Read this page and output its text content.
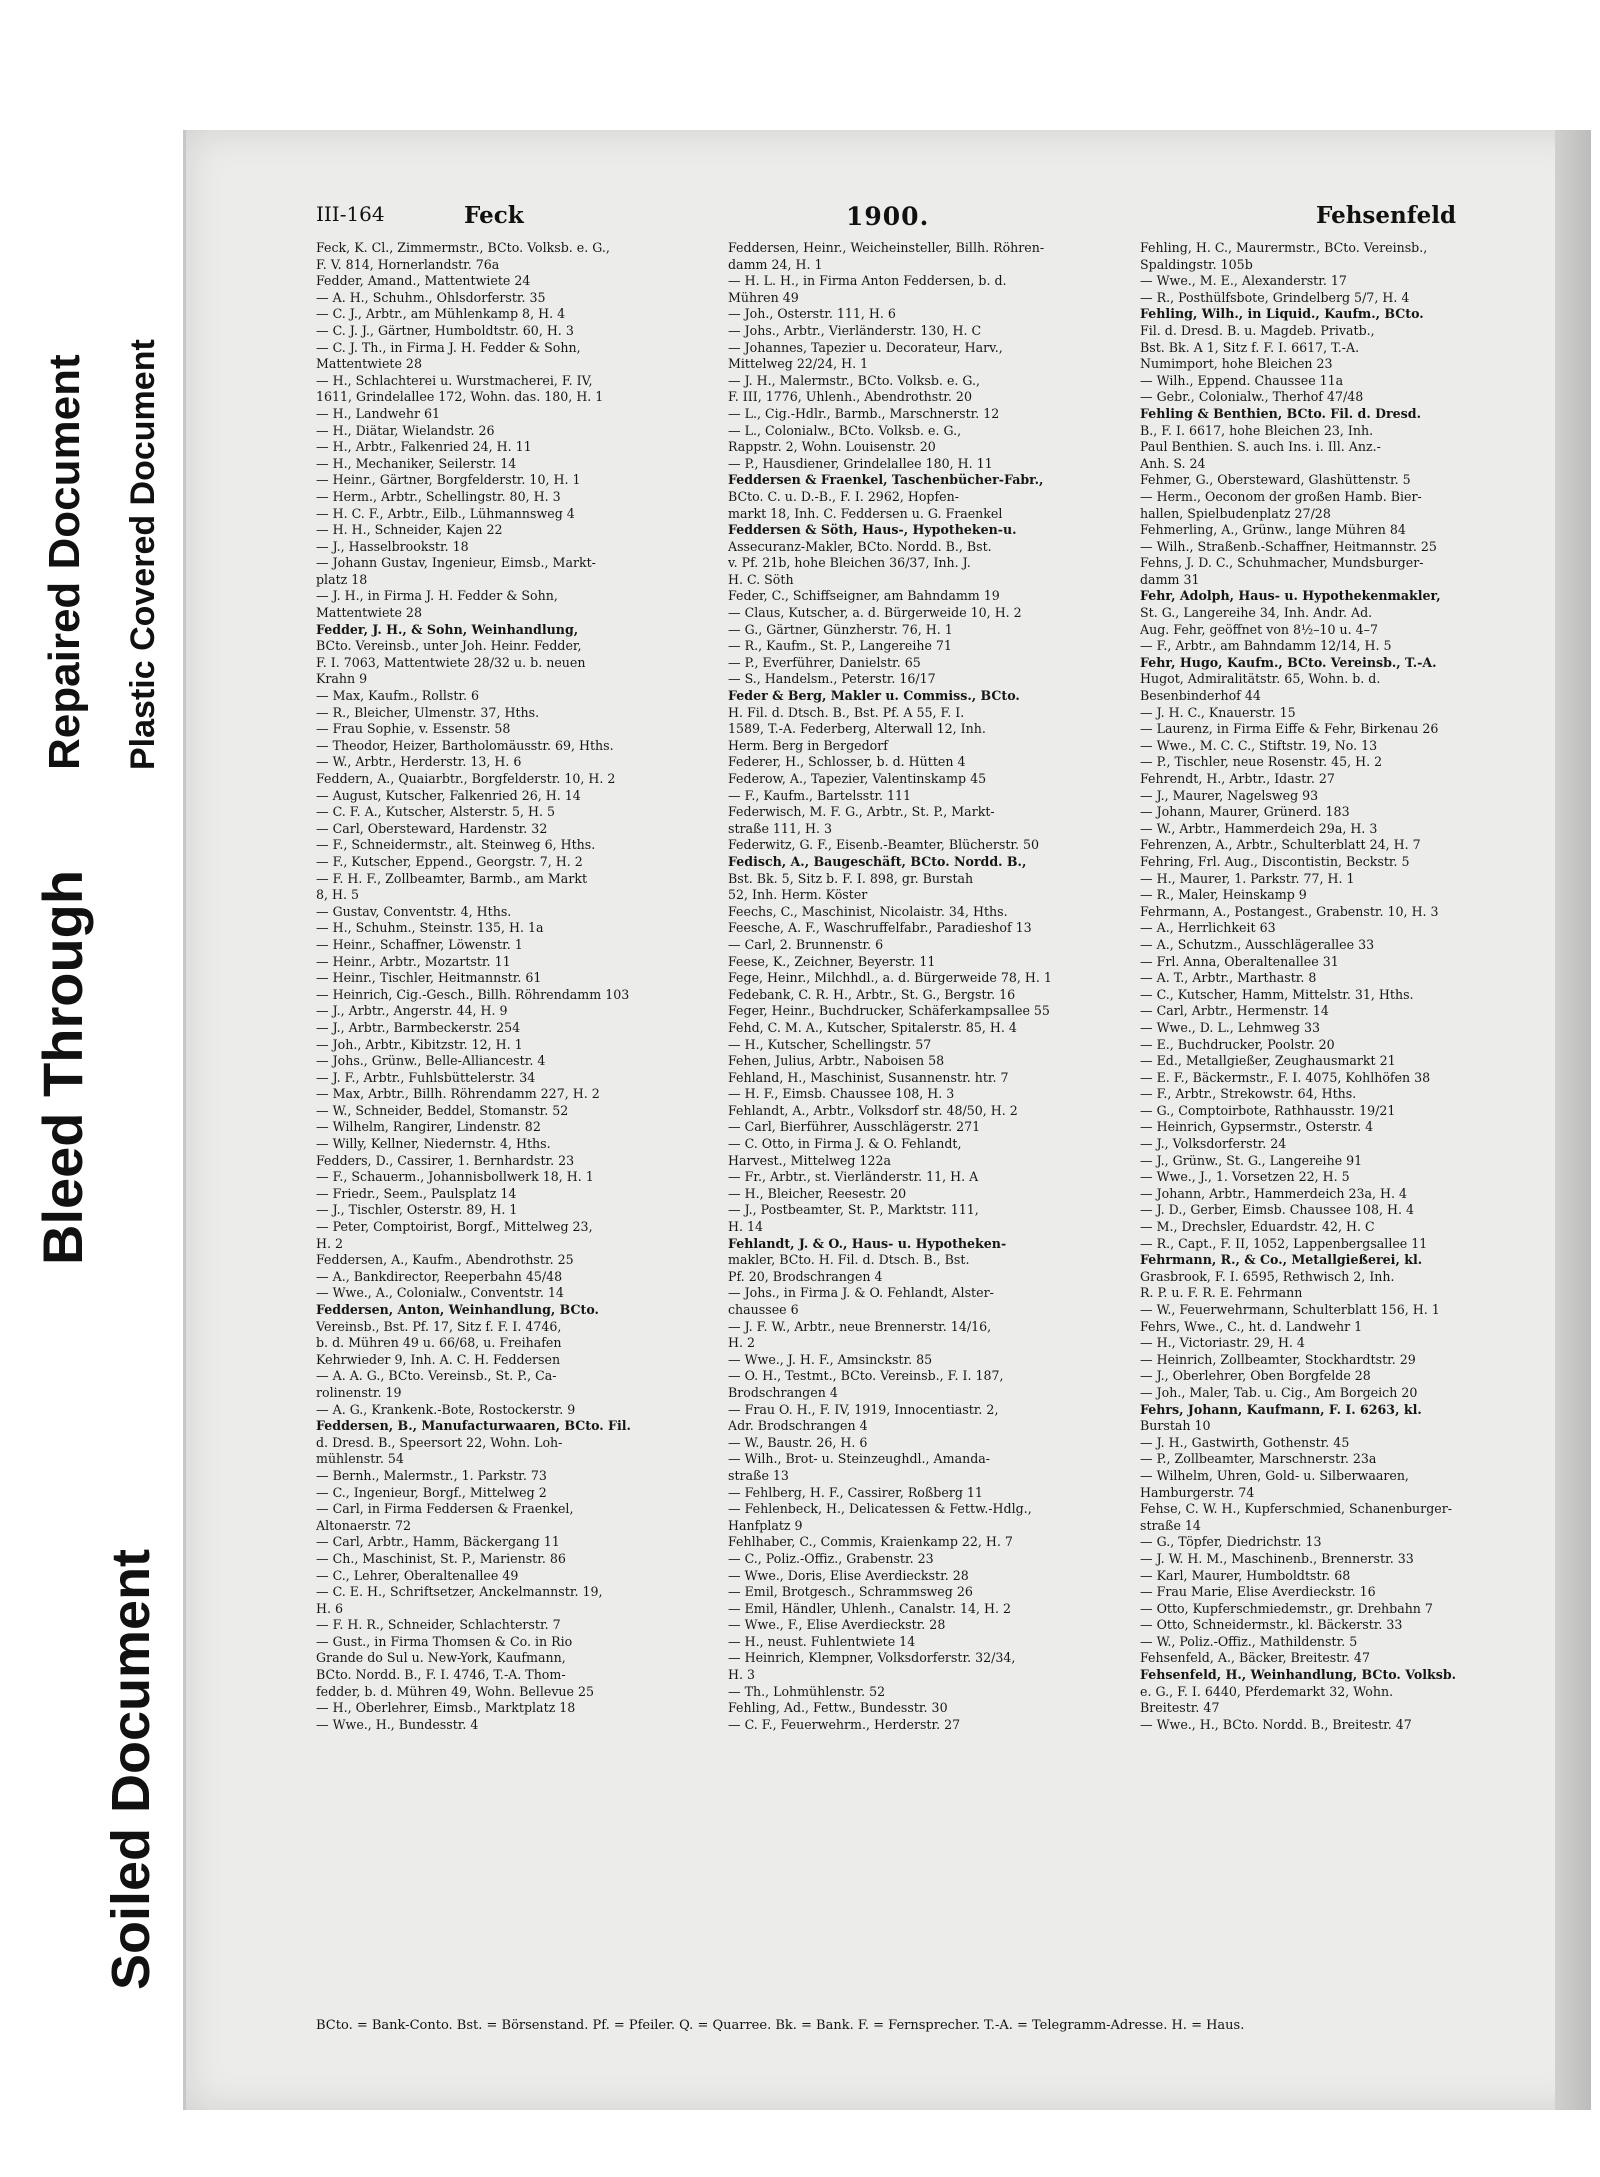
Bleed Through
Soiled Document
Repaired Document Plastic Covered Document
III-164	Feck	1900.	Fehsenfeld
Feck, K. Cl., Zimmermstr., BCto. Volksb. e. G.,
F. V. 814, Hornerlandstr. 76a
Fedder, Amand., Mattentwiete 24
— A. H., Schuhm., Ohlsdorferstr. 35
— C. J., Arbtr., am Mühlenkamp 8, H. 4
— C. J. J., Gärtner, Humboldtstr. 60, H. 3
— C. J. Th., in Firma J. H. Fedder & Sohn,
Mattentwiete 28
— H., Schlachterei u. Wurstmacherei, F. IV,
1611, Grindelallee 172, Wohn. das. 180, H. 1
— H., Landwehr 61
— H., Diätar, Wielandstr. 26
— H., Arbtr., Falkenried 24, H. 11
— H., Mechaniker, Seilerstr. 14
— Heinr., Gärtner, Borgfelderstr. 10, H. 1
— Herm., Arbtr., Schellingstr. 80, H. 3
— H. C. F., Arbtr., Eilb., Lühmannsweg 4
— H. H., Schneider, Kajen 22
— J., Hasselbrookstr. 18
— Johann Gustav, Ingenieur, Eimsb., Markt-
platz 18
— J. H., in Firma J. H. Fedder & Sohn,
Mattentwiete 28
Fedder, J. H., & Sohn, Weinhandlung,
BCto. Vereinsb., unter Joh. Heinr. Fedder,
F. I. 7063, Mattentwiete 28/32 u. b. neuen
Krahn 9
— Max, Kaufm., Rollstr. 6
— R., Bleicher, Ulmenstr. 37, Hths.
— Frau Sophie, v. Essenstr. 58
— Theodor, Heizer, Bartholomäusstr. 69, Hths.
— W., Arbtr., Herderstr. 13, H. 6
Feddern, A., Quaiarbtr., Borgfelderstr. 10, H. 2
— August, Kutscher, Falkenried 26, H. 14
— C. F. A., Kutscher, Alsterstr. 5, H. 5
— Carl, Obersteward, Hardenstr. 32
— F., Schneidermstr., alt. Steinweg 6, Hths.
— F., Kutscher, Eppend., Georgstr. 7, H. 2
— F. H. F., Zollbeamter, Barmb., am Markt
8, H. 5
— Gustav, Conventstr. 4, Hths.
— H., Schuhm., Steinstr. 135, H. 1a
— Heinr., Schaffner, Löwenstr. 1
— Heinr., Arbtr., Mozartstr. 11
— Heinr., Tischler, Heitmannstr. 61
— Heinrich, Cig.-Gesch., Billh. Röhrendamm 103
— J., Arbtr., Angerstr. 44, H. 9
— J., Arbtr., Barmbeckerstr. 254
— Joh., Arbtr., Kibitzstr. 12, H. 1
— Johs., Grünw., Belle-Alliancestr. 4
— J. F., Arbtr., Fuhlsbüttelerstr. 34
— Max, Arbtr., Billh. Röhrendamm 227, H. 2
— W., Schneider, Beddel, Stomanstr. 52
— Wilhelm, Rangirer, Lindenstr. 82
— Willy, Kellner, Niedernstr. 4, Hths.
Fedders, D., Cassirer, 1. Bernhardstr. 23
— F., Schauerm., Johannisbollwerk 18, H. 1
— Friedr., Seem., Paulsplatz 14
— J., Tischler, Osterstr. 89, H. 1
— Peter, Comptoirist, Borgf., Mittelweg 23,
H. 2
Feddersen, A., Kaufm., Abendrothstr. 25
— A., Bankdirector, Reeperbahn 45/48
— Wwe., A., Colonialw., Conventstr. 14
Feddersen, Anton, Weinhandlung, BCto.
Vereinsb., Bst. Pf. 17, Sitz f. F. I. 4746,
b. d. Mühren 49 u. 66/68, u. Freihafen
Kehrwieder 9, Inh. A. C. H. Feddersen
— A. A. G., BCto. Vereinsb., St. P., Ca-
rolinenstr. 19
— A. G., Krankenk.-Bote, Rostockerstr. 9
Feddersen, B., Manufacturwaaren, BCto. Fil.
d. Dresd. B., Speersort 22, Wohn. Loh-
mühlenstr. 54
— Bernh., Malermstr., 1. Parkstr. 73
— C., Ingenieur, Borgf., Mittelweg 2
— Carl, in Firma Feddersen & Fraenkel,
Altonaerstr. 72
— Carl, Arbtr., Hamm, Bäckergang 11
— Ch., Maschinist, St. P., Marienstr. 86
— C., Lehrer, Oberaltenallee 49
— C. E. H., Schriftsetzer, Anckelmannstr. 19,
H. 6
— F. H. R., Schneider, Schlachterstr. 7
— Gust., in Firma Thomsen & Co. in Rio
Grande do Sul u. New-York, Kaufmann,
BCto. Nordd. B., F. I. 4746, T.-A. Thom-
fedder, b. d. Mühren 49, Wohn. Bellevue 25
— H., Oberlehrer, Eimsb., Marktplatz 18
— Wwe., H., Bundesstr. 4
Feddersen, Heinr., Weicheinsteller, Billh. Röhren-
damm 24, H. 1
— H. L. H., in Firma Anton Feddersen, b. d.
Mühren 49
— Joh., Osterstr. 111, H. 6
— Johs., Arbtr., Vierländerstr. 130, H. C
— Johannes, Tapezier u. Decorateur, Harv.,
Mittelweg 22/24, H. 1
— J. H., Malermstr., BCto. Volksb. e. G.,
F. III, 1776, Uhlenh., Abendrothstr. 20
— L., Cig.-Hdlr., Barmb., Marschnerstr. 12
— L., Colonialw., BCto. Volksb. e. G.,
Rappstr. 2, Wohn. Louisenstr. 20
— P., Hausdiener, Grindelallee 180, H. 11
Feddersen & Fraenkel, Taschenbücher-Fabr.,
BCto. C. u. D.-B., F. I. 2962, Hopfen-
markt 18, Inh. C. Feddersen u. G. Fraenkel
Feddersen & Söth, Haus-, Hypotheken-u.
Assecuranz-Makler, BCto. Nordd. B., Bst.
v. Pf. 21b, hohe Bleichen 36/37, Inh. J.
H. C. Söth
Feder, C., Schiffseigner, am Bahndamm 19
— Claus, Kutscher, a. d. Bürgerweide 10, H. 2
— G., Gärtner, Günzherstr. 76, H. 1
— R., Kaufm., St. P., Langereihe 71
— P., Everführer, Danielstr. 65
— S., Handelsm., Peterstr. 16/17
Feder & Berg, Makler u. Commiss., BCto.
H. Fil. d. Dtsch. B., Bst. Pf. A 55, F. I.
1589, T.-A. Federberg, Alterwall 12, Inh.
Herm. Berg in Bergedorf
Federer, H., Schlosser, b. d. Hütten 4
Federow, A., Tapezier, Valentinskamp 45
— F., Kaufm., Bartelsstr. 111
Federwisch, M. F. G., Arbtr., St. P., Markt-
straße 111, H. 3
Federwitz, G. F., Eisenb.-Beamter, Blücherstr. 50
Fedisch, A., Baugeschäft, BCto. Nordd. B.,
Bst. Bk. 5, Sitz b. F. I. 898, gr. Burstah
52, Inh. Herm. Köster
Feechs, C., Maschinist, Nicolaistr. 34, Hths.
Feesche, A. F., Waschruffelfabr., Paradieshof 13
— Carl, 2. Brunnenstr. 6
Feese, K., Zeichner, Beyerstr. 11
Fege, Heinr., Milchhdl., a. d. Bürgerweide 78, H. 1
Fedebank, C. R. H., Arbtr., St. G., Bergstr. 16
Feger, Heinr., Buchdrucker, Schäferkampsallee 55
Fehd, C. M. A., Kutscher, Spitalerstr. 85, H. 4
— H., Kutscher, Schellingstr. 57
Fehen, Julius, Arbtr., Naboisen 58
Fehland, H., Maschinist, Susannenstr. htr. 7
— H. F., Eimsb. Chaussee 108, H. 3
Fehlandt, A., Arbtr., Volksdorf str. 48/50, H. 2
— Carl, Bierführer, Ausschlägerstr. 271
— C. Otto, in Firma J. & O. Fehlandt,
Harvest., Mittelweg 122a
— Fr., Arbtr., st. Vierländerstr. 11, H. A
— H., Bleicher, Reesestr. 20
— J., Postbeamter, St. P., Marktstr. 111,
H. 14
Fehlandt, J. & O., Haus- u. Hypotheken-
makler, BCto. H. Fil. d. Dtsch. B., Bst.
Pf. 20, Brodschrangen 4
— Johs., in Firma J. & O. Fehlandt, Alster-
chaussee 6
— J. F. W., Arbtr., neue Brennerstr. 14/16,
H. 2
— Wwe., J. H. F., Amsinckstr. 85
— O. H., Testmt., BCto. Vereinsb., F. I. 187,
Brodschrangen 4
— Frau O. H., F. IV, 1919, Innocentiastr. 2,
Adr. Brodschrangen 4
— W., Baustr. 26, H. 6
— Wilh., Brot- u. Steinzeughdl., Amanda-
straße 13
— Fehlberg, H. F., Cassirer, Roßberg 11
— Fehlenbeck, H., Delicatessen & Fettw.-Hdlg.,
Hanfplatz 9
Fehlhaber, C., Commis, Kraienkamp 22, H. 7
— C., Poliz.-Offiz., Grabenstr. 23
— Wwe., Doris, Elise Averdieckstr. 28
— Emil, Brotgesch., Schrammsweg 26
— Emil, Händler, Uhlenh., Canalstr. 14, H. 2
— Wwe., F., Elise Averdieckstr. 28
— H., neust. Fuhlentwiete 14
— Heinrich, Klempner, Volksdorferstr. 32/34,
H. 3
— Th., Lohmühlenstr. 52
Fehling, Ad., Fettw., Bundesstr. 30
— C. F., Feuerwehrm., Herderstr. 27
Fehling, H. C., Maurermstr., BCto. Vereinsb.,
Spaldingstr. 105b
— Wwe., M. E., Alexanderstr. 17
— R., Posthülfsbote, Grindelberg 5/7, H. 4
Fehling, Wilh., in Liquid., Kaufm., BCto.
Fil. d. Dresd. B. u. Magdeb. Privatb.,
Bst. Bk. A 1, Sitz f. F. I. 6617, T.-A.
Numimport, hohe Bleichen 23
— Wilh., Eppend. Chaussee 11a
— Gebr., Colonialw., Therhof 47/48
Fehling & Benthien, BCto. Fil. d. Dresd.
B., F. I. 6617, hohe Bleichen 23, Inh.
Paul Benthien. S. auch Ins. i. Ill. Anz.-
Anh. S. 24
Fehmer, G., Obersteward, Glashüttenstr. 5
— Herm., Oeconom der großen Hamb. Bier-
hallen, Spielbudenplatz 27/28
Fehmerling, A., Grünw., lange Mühren 84
— Wilh., Straßenb.-Schaffner, Heitmannstr. 25
Fehns, J. D. C., Schuhmacher, Mundsburger-
damm 31
Fehr, Adolph, Haus- u. Hypothekenmakler,
St. G., Langereihe 34, Inh. Andr. Ad.
Aug. Fehr, geöffnet von 8½–10 u. 4–7
— F., Arbtr., am Bahndamm 12/14, H. 5
Fehr, Hugo, Kaufm., BCto. Vereinsb., T.-A.
Hugot, Admiralitätstr. 65, Wohn. b. d.
Besenbinderhof 44
— J. H. C., Knauerstr. 15
— Laurenz, in Firma Eiffe & Fehr, Birkenau 26
— Wwe., M. C. C., Stiftstr. 19, No. 13
— P., Tischler, neue Rosenstr. 45, H. 2
Fehrendt, H., Arbtr., Idastr. 27
— J., Maurer, Nagelsweg 93
— Johann, Maurer, Grünerd. 183
— W., Arbtr., Hammerdeich 29a, H. 3
Fehrenzen, A., Arbtr., Schulterblatt 24, H. 7
Fehring, Frl. Aug., Discontistin, Beckstr. 5
— H., Maurer, 1. Parkstr. 77, H. 1
— R., Maler, Heinskamp 9
Fehrmann, A., Postangest., Grabenstr. 10, H. 3
— A., Herrlichkeit 63
— A., Schutzm., Ausschlägerallee 33
— Frl. Anna, Oberaltenallee 31
— A. T., Arbtr., Marthastr. 8
— C., Kutscher, Hamm, Mittelstr. 31, Hths.
— Carl, Arbtr., Hermenstr. 14
— Wwe., D. L., Lehmweg 33
— E., Buchdrucker, Poolstr. 20
— Ed., Metallgießer, Zeughausmarkt 21
— E. F., Bäckermstr., F. I. 4075, Kohlhöfen 38
— F., Arbtr., Strekowstr. 64, Hths.
— G., Comptoirbote, Rathhausstr. 19/21
— Heinrich, Gypsermstr., Osterstr. 4
— J., Volksdorferstr. 24
— J., Grünw., St. G., Langereihe 91
— Wwe., J., 1. Vorsetzen 22, H. 5
— Johann, Arbtr., Hammerdeich 23a, H. 4
— J. D., Gerber, Eimsb. Chaussee 108, H. 4
— M., Drechsler, Eduardstr. 42, H. C
— R., Capt., F. II, 1052, Lappenbergsallee 11
Fehrmann, R., & Co., Metallgießerei, kl.
Grasbrook, F. I. 6595, Rethwisch 2, Inh.
R. P. u. F. R. E. Fehrmann
— W., Feuerwehrmann, Schulterblatt 156, H. 1
Fehrs, Wwe., C., ht. d. Landwehr 1
— H., Victoriastr. 29, H. 4
— Heinrich, Zollbeamter, Stockhardtstr. 29
— J., Oberlehrer, Oben Borgfelde 28
— Joh., Maler, Tab. u. Cig., Am Borgeich 20
Fehrs, Johann, Kaufmann, F. I. 6263, kl.
Burstah 10
— J. H., Gastwirth, Gothenstr. 45
— P., Zollbeamter, Marschnerstr. 23a
— Wilhelm, Uhren, Gold- u. Silberwaaren,
Hamburgerstr. 74
Fehse, C. W. H., Kupferschmied, Schanenburger-
straße 14
— G., Töpfer, Diedrichstr. 13
— J. W. H. M., Maschinenb., Brennerstr. 33
— Karl, Maurer, Humboldtstr. 68
— Frau Marie, Elise Averdieckstr. 16
— Otto, Kupferschmiedemstr., gr. Drehbahn 7
— Otto, Schneidermstr., kl. Bäckerstr. 33
— W., Poliz.-Offiz., Mathildenstr. 5
Fehsenfeld, A., Bäcker, Breitestr. 47
Fehsenfeld, H., Weinhandlung, BCto. Volksb.
e. G., F. I. 6440, Pferdemarkt 32, Wohn.
Breitestr. 47
— Wwe., H., BCto. Nordd. B., Breitestr. 47
BCto. = Bank-Conto. Bst. = Börsenstand. Pf. = Pfeiler. Q. = Quarree. Bk. = Bank. F. = Fernsprecher. T.-A. = Telegramm-Adresse. H. = Haus.
